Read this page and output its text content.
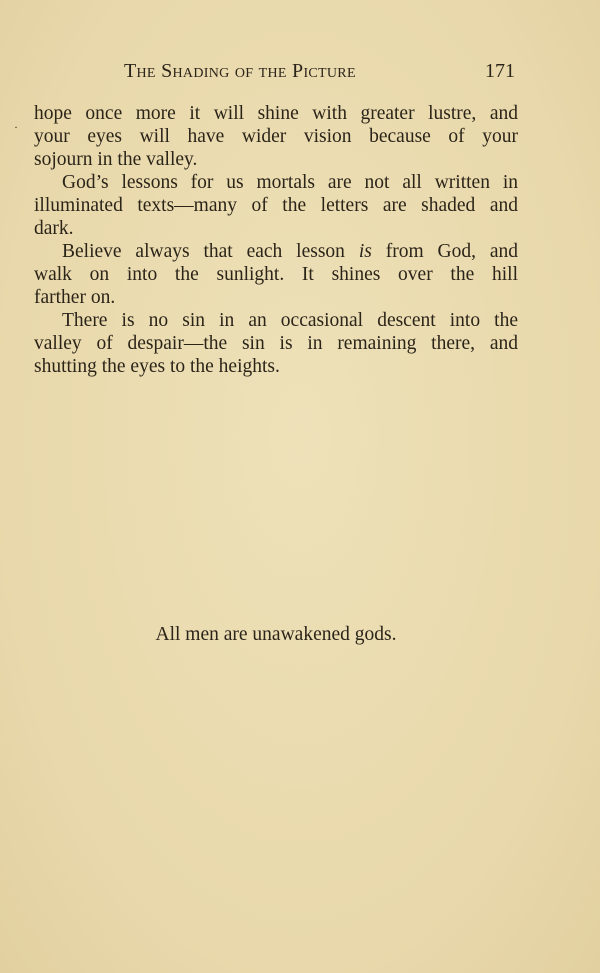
The Shading of the Picture	171
·
hope once more it will shine with greater lustre, and
your eyes will have wider vision because of your
sojourn in the valley.
God’s lessons for us mortals are not all written in
illuminated texts—many of the letters are shaded and
dark.
Believe always that each lesson is from God, and
walk on into the sunlight. It shines over the hill
farther on.
There is no sin in an occasional descent into the
valley of despair—the sin is in remaining there, and
shutting the eyes to the heights.
All men are unawakened gods.
